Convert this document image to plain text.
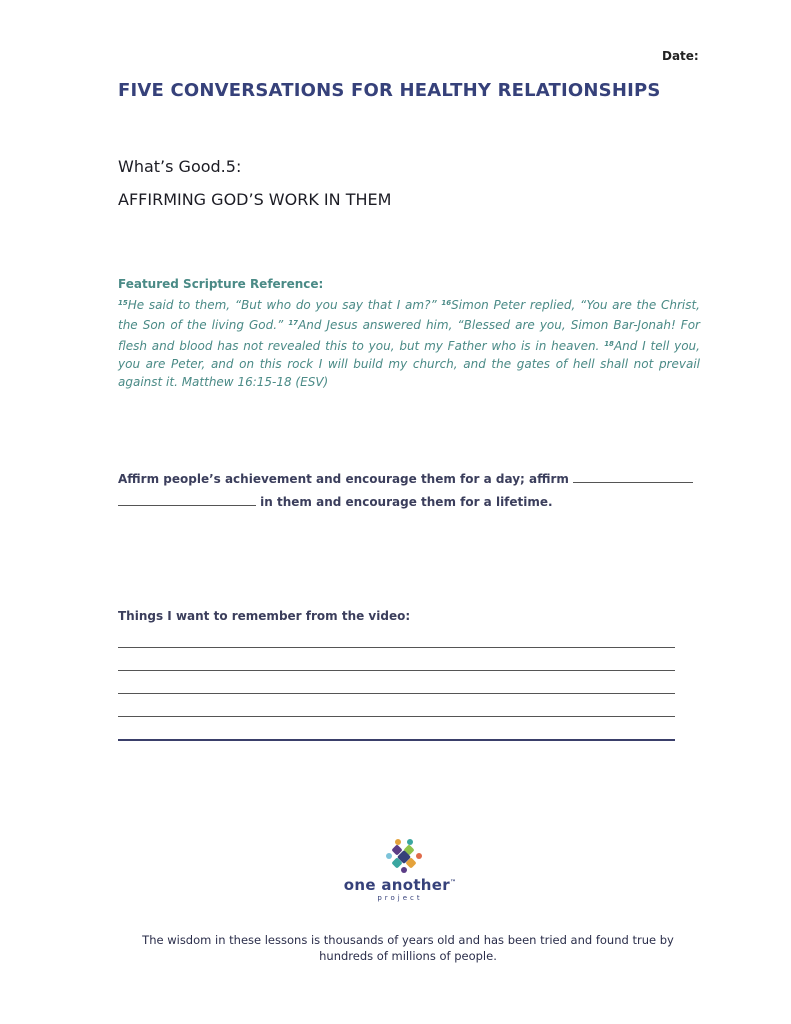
Date:
FIVE CONVERSATIONS FOR HEALTHY RELATIONSHIPS
What’s Good.5:
AFFIRMING GOD’S WORK IN THEM
Featured Scripture Reference:
$^{15}$He said to them, “But who do you say that I am?” $^{16}$Simon Peter replied, “You are the Christ, the Son of the living God.” $^{17}$And Jesus answered him, “Blessed are you, Simon Bar-Jonah! For flesh and blood has not revealed this to you, but my Father who is in heaven. $^{18}$And I tell you, you are Peter, and on this rock I will build my church, and the gates of hell shall not prevail against it. Matthew 16:15-18 (ESV)
Affirm people’s achievement and encourage them for a day; affirm
in them and encourage them for a lifetime.
Things I want to remember from the video:
one another™
project
The wisdom in these lessons is thousands of years old and has been tried and found true by
hundreds of millions of people.
